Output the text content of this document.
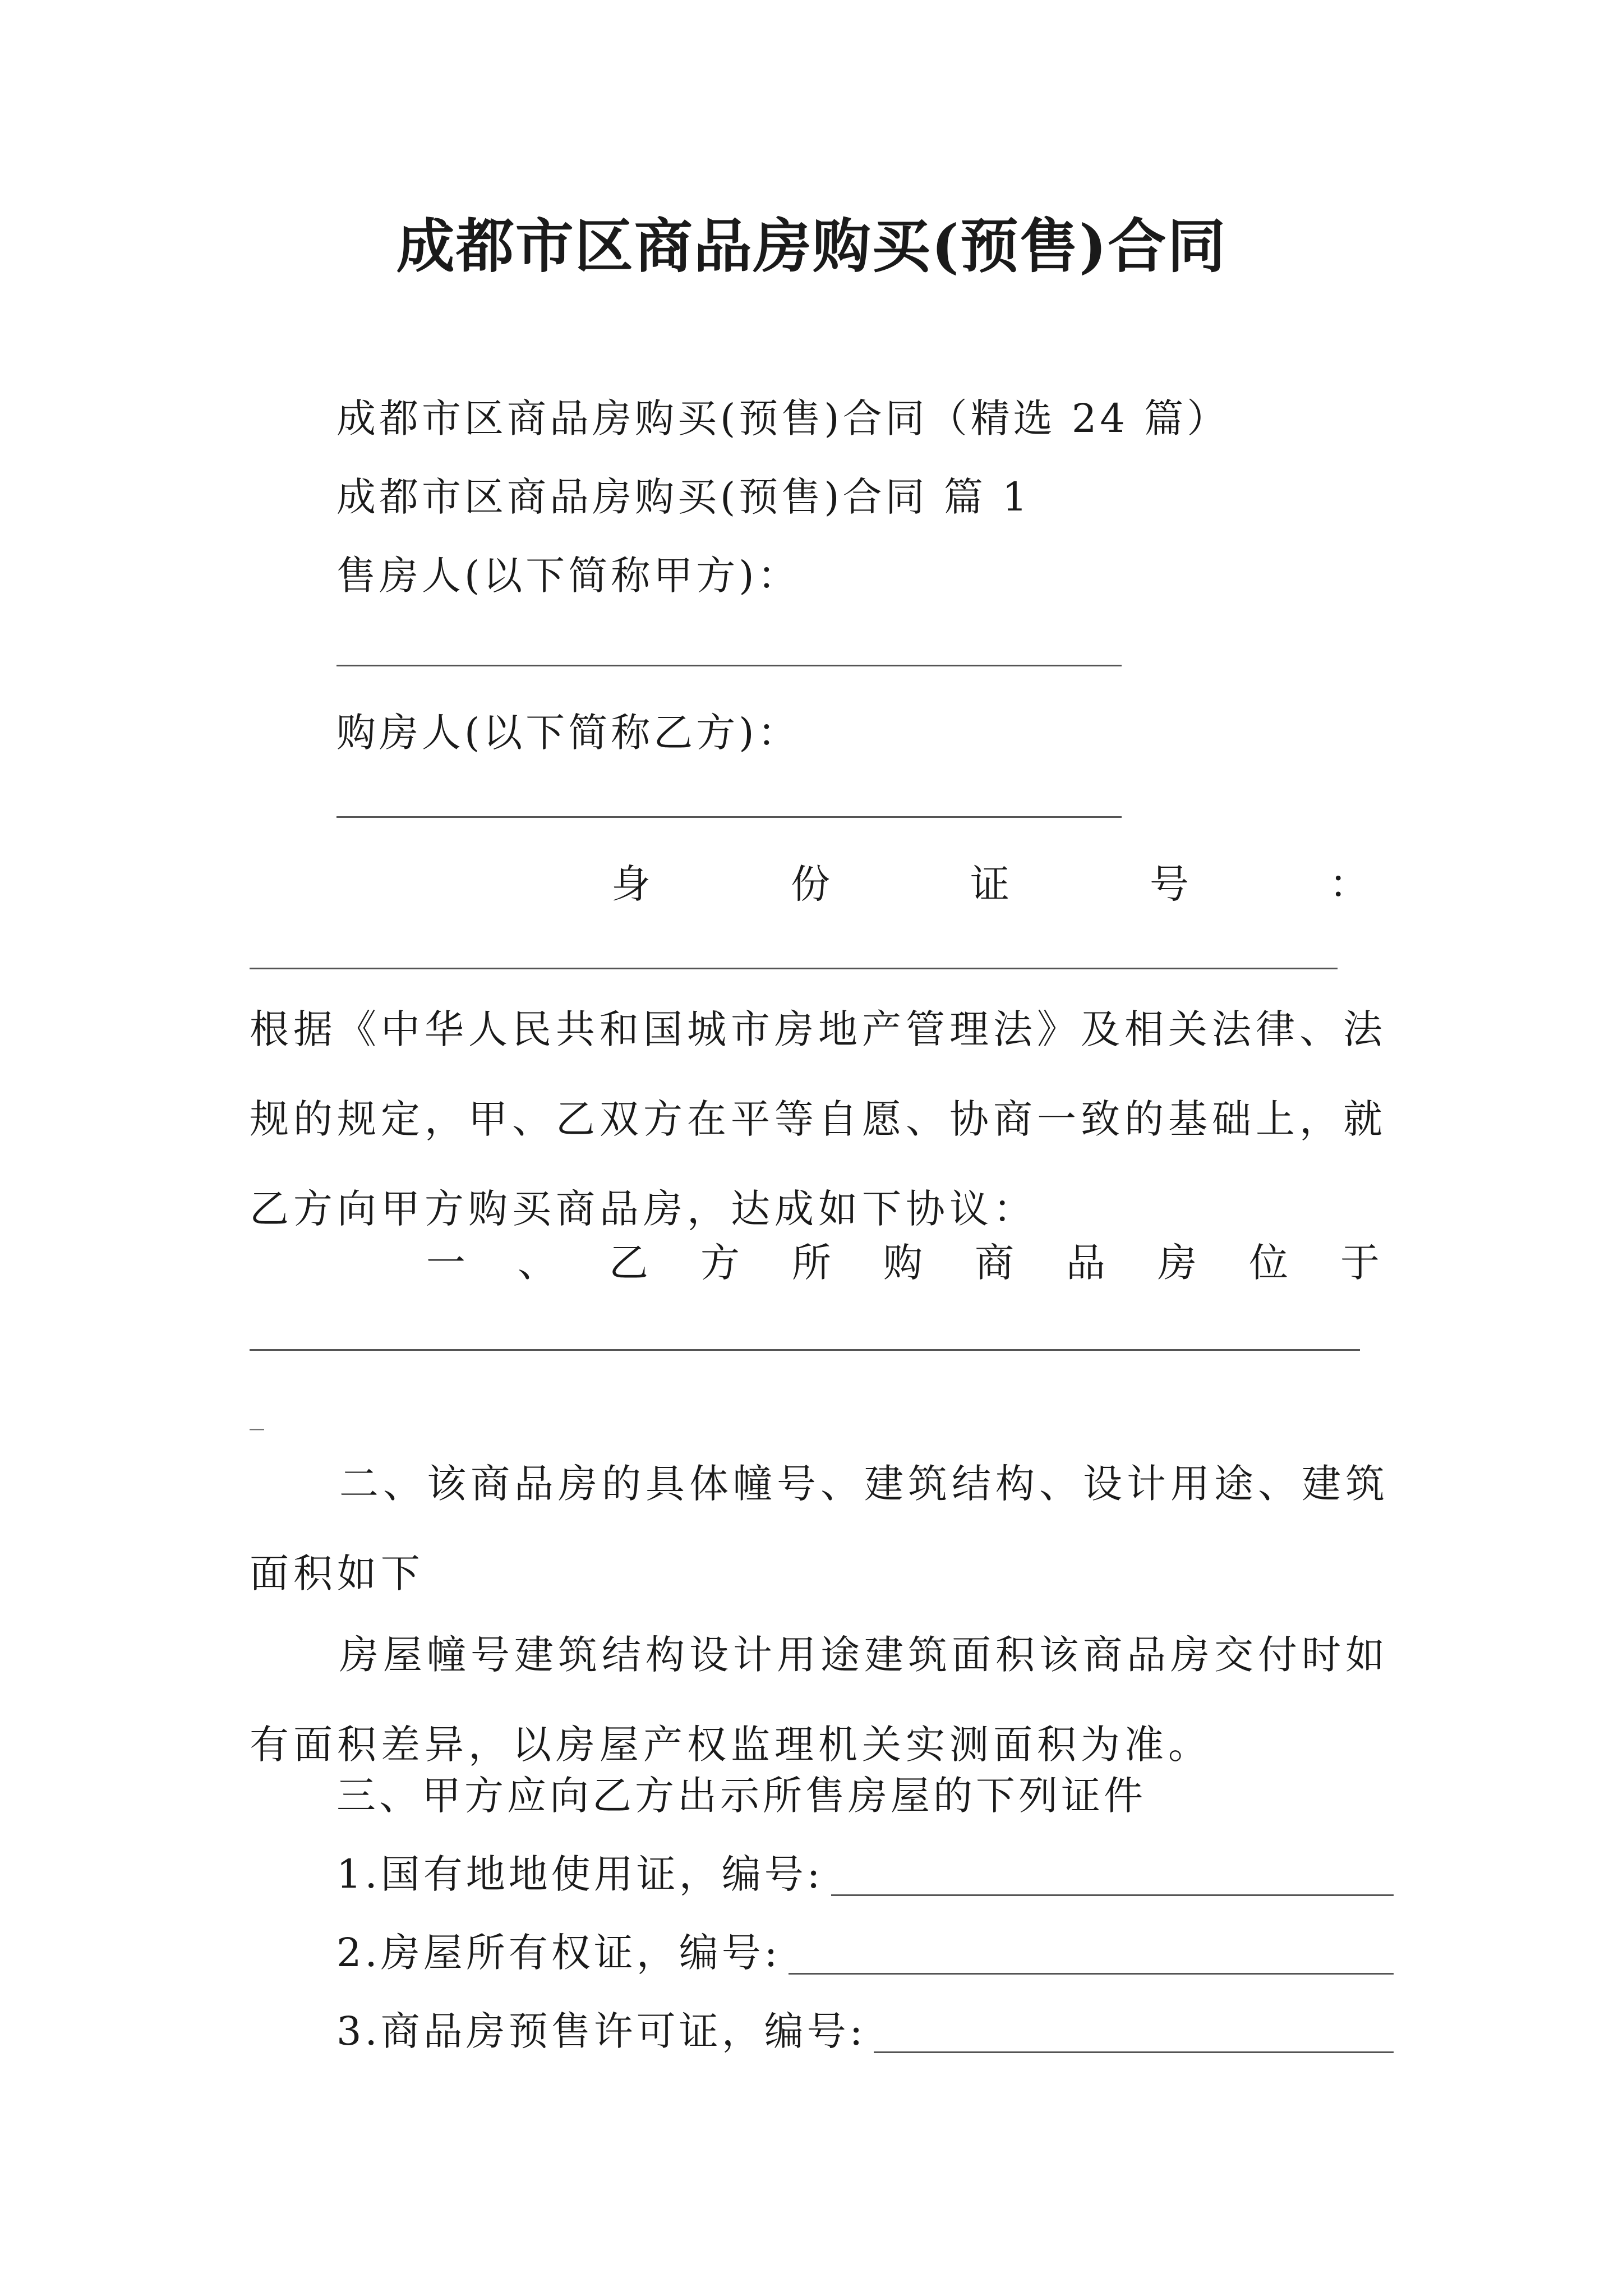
成都市区商品房购买(预售)合同
成都市区商品房购买(预售)合同（精选 24 篇）
成都市区商品房购买(预售)合同 篇 1
售房人(以下简称甲方)：
购房人(以下简称乙方)：
身	份	证	号	：
根据《中华人民共和国城市房地产管理法》及相关法律、法规的规定，甲、乙双方在平等自愿、协商一致的基础上，就乙方向甲方购买商品房，达成如下协议：
一 、 乙 方 所 购 商 品 房 位 于
_
二、该商品房的具体幢号、建筑结构、设计用途、建筑面积如下
房屋幢号建筑结构设计用途建筑面积该商品房交付时如有面积差异，以房屋产权监理机关实测面积为准。
三、甲方应向乙方出示所售房屋的下列证件
1.国有地地使用证，编号:
2.房屋所有权证，编号:
3.商品房预售许可证，编号:
